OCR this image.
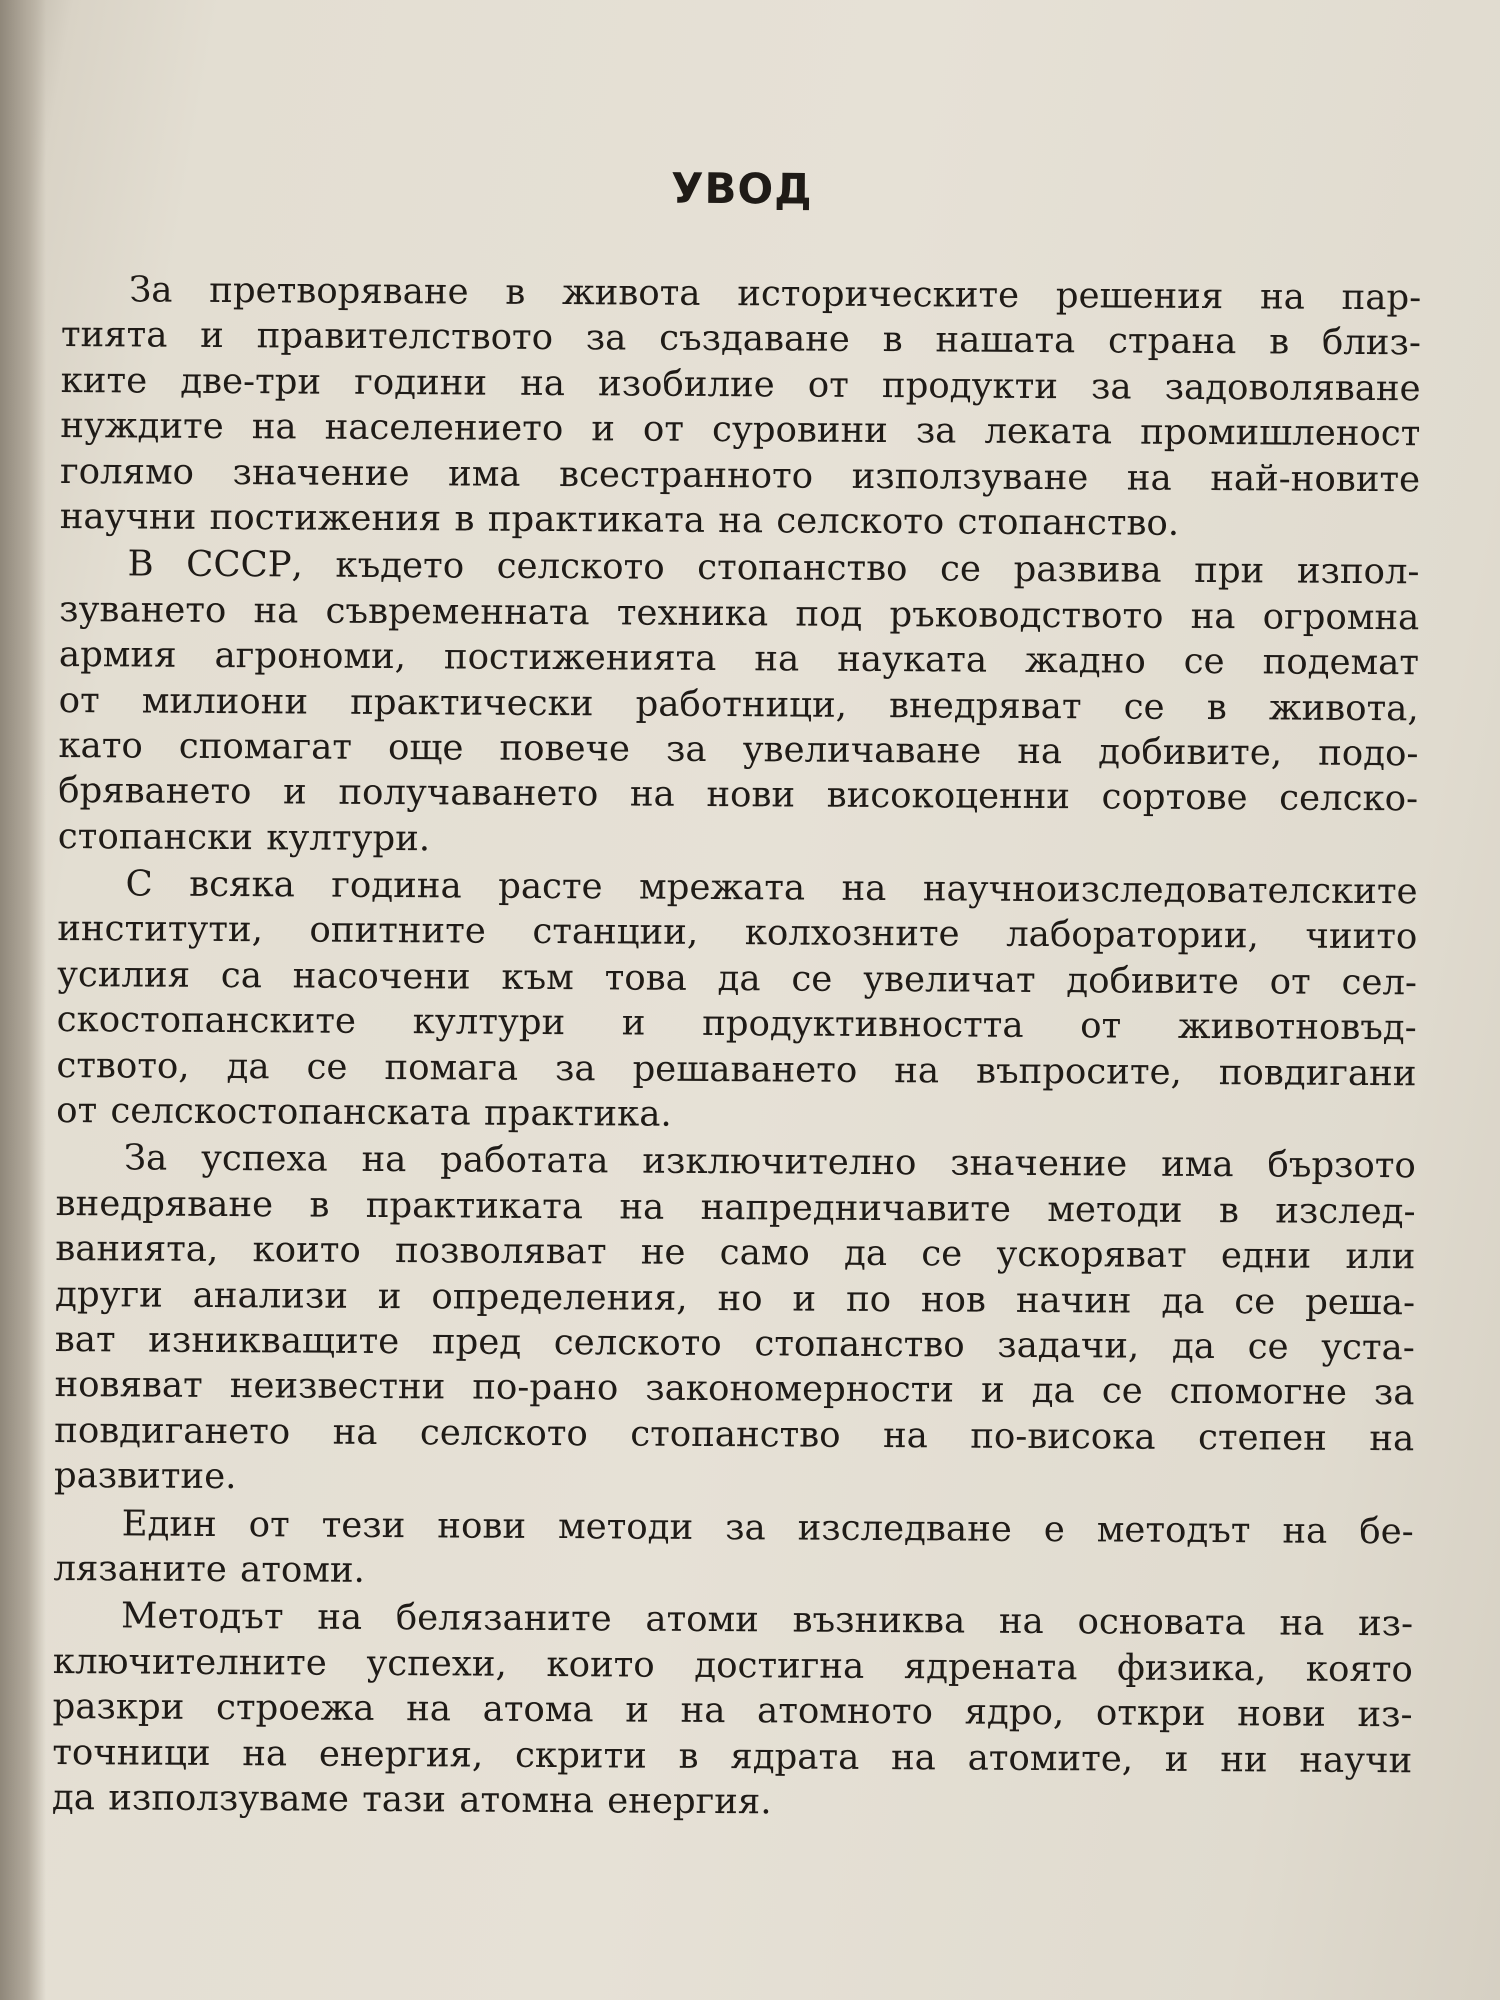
УВОД
За претворяване в живота историческите решения на пар-
тията и правителството за създаване в нашата страна в близ-
ките две-три години на изобилие от продукти за задоволяване
нуждите на населението и от суровини за леката промишленост
голямо значение има всестранното използуване на най-новите
научни постижения в практиката на селското стопанство.
В СССР, където селското стопанство се развива при изпол-
зуването на съвременната техника под ръководството на огромна
армия агрономи, постиженията на науката жадно се подемат
от милиони практически работници, внедряват се в живота,
като спомагат още повече за увеличаване на добивите, подо-
бряването и получаването на нови високоценни сортове селско-
стопански култури.
С всяка година расте мрежата на научноизследователските
институти, опитните станции, колхозните лаборатории, чиито
усилия са насочени към това да се увеличат добивите от сел-
скостопанските култури и продуктивността от животновъд-
ството, да се помага за решаването на въпросите, повдигани
от селскостопанската практика.
За успеха на работата изключително значение има бързото
внедряване в практиката на напредничавите методи в изслед-
ванията, които позволяват не само да се ускоряват едни или
други анализи и определения, но и по нов начин да се реша-
ват изникващите пред селското стопанство задачи, да се уста-
новяват неизвестни по-рано закономерности и да се спомогне за
повдигането на селското стопанство на по-висока степен на
развитие.
Един от тези нови методи за изследване е методът на бе-
лязаните атоми.
Методът на белязаните атоми възниква на основата на из-
ключителните успехи, които достигна ядрената физика, която
разкри строежа на атома и на атомното ядро, откри нови из-
точници на енергия, скрити в ядрата на атомите, и ни научи
да използуваме тази атомна енергия.
